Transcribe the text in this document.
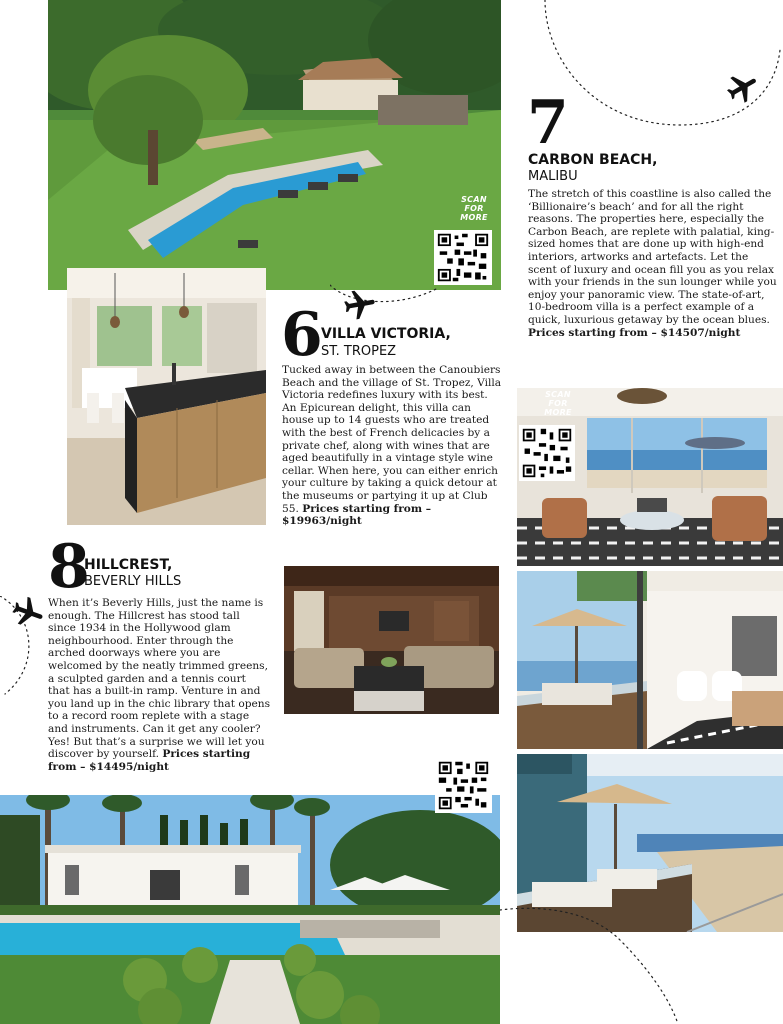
SCAN
FOR
MORE
7
CARBON BEACH,
MALIBU
The stretch of this coastline is also called the ‘Billionaire’s beach’ and for all the right reasons. The properties here, especially the Carbon Beach, are replete with palatial, king-sized homes that are done up with high-end interiors, artworks and artefacts. Let the scent of luxury and ocean fill you as you relax with your friends in the sun lounger while you enjoy your panoramic view. The state-of-art, 10-bedroom villa is a perfect example of a quick, luxurious getaway by the ocean blues. Prices starting from – $14507/night
SCAN
FOR
MORE
6 VILLA VICTORIA,
ST. TROPEZ
Tucked away in between the Canoubiers Beach and the village of St. Tropez, Villa Victoria redefines luxury with its best. An Epicurean delight, this villa can house up to 14 guests who are treated with the best of French delicacies by a private chef, along with wines that are aged beautifully in a vintage style wine cellar. When here, you can either enrich your culture by taking a quick detour at the museums or partying it up at Club 55. Prices starting from – $19963/night
8
HILLCREST,
BEVERLY HILLS
When it’s Beverly Hills, just the name is enough. The Hillcrest has stood tall since 1934 in the Hollywood glam neighbourhood. Enter through the arched doorways where you are welcomed by the neatly trimmed greens, a sculpted garden and a tennis court that has a built-in ramp. Venture in and you land up in the chic library that opens to a record room replete with a stage and instruments. Can it get any cooler? Yes! But that’s a surprise we will let you discover by yourself. Prices starting from – $14495/night
SCAN
FOR
MORE
